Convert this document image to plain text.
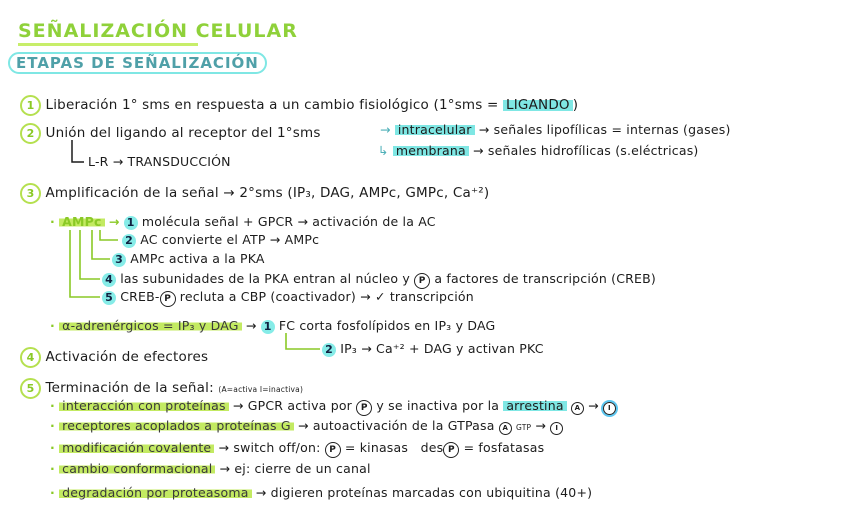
SEÑALIZACIÓN CELULAR
ETAPAS DE SEÑALIZACIÓN
1 Liberación 1° sms en respuesta a un cambio fisiológico (1°sms = LIGANDO )
2 Unión del ligando al receptor del 1°sms	→ intracelular → señales lipofílicas = internas (gases)
↳ membrana → señales hidrofílicas (s.eléctricas)
L-R → TRANSDUCCIÓN
3 Amplificación de la señal → 2°sms (IP₃, DAG, AMPc, GMPc, Ca⁺²)
· AMPc → 1 molécula señal + GPCR → activación de la AC
2 AC convierte el ATP → AMPc
3 AMPc activa a la PKA
4 las subunidades de la PKA entran al núcleo y P a factores de transcripción (CREB)
5 CREB- P recluta a CBP (coactivador) → ✓ transcripción
· α-adrenérgicos = IP₃ y DAG → 1 FC corta fosfolípidos en IP₃ y DAG
2 IP₃ → Ca⁺² + DAG y activan PKC
4 Activación de efectores
5 Terminación de la señal: (A=activa I=inactiva)
· interacción con proteínas → GPCR activa por P y se inactiva por la arrestina A → I
· receptores acoplados a proteínas G → autoactivación de la GTPasa A GTP → I
· modificación covalente → switch off/on: P = kinasas des P = fosfatasas
· cambio conformacional → ej: cierre de un canal
· degradación por proteasoma → digieren proteínas marcadas con ubiquitina (40+)
